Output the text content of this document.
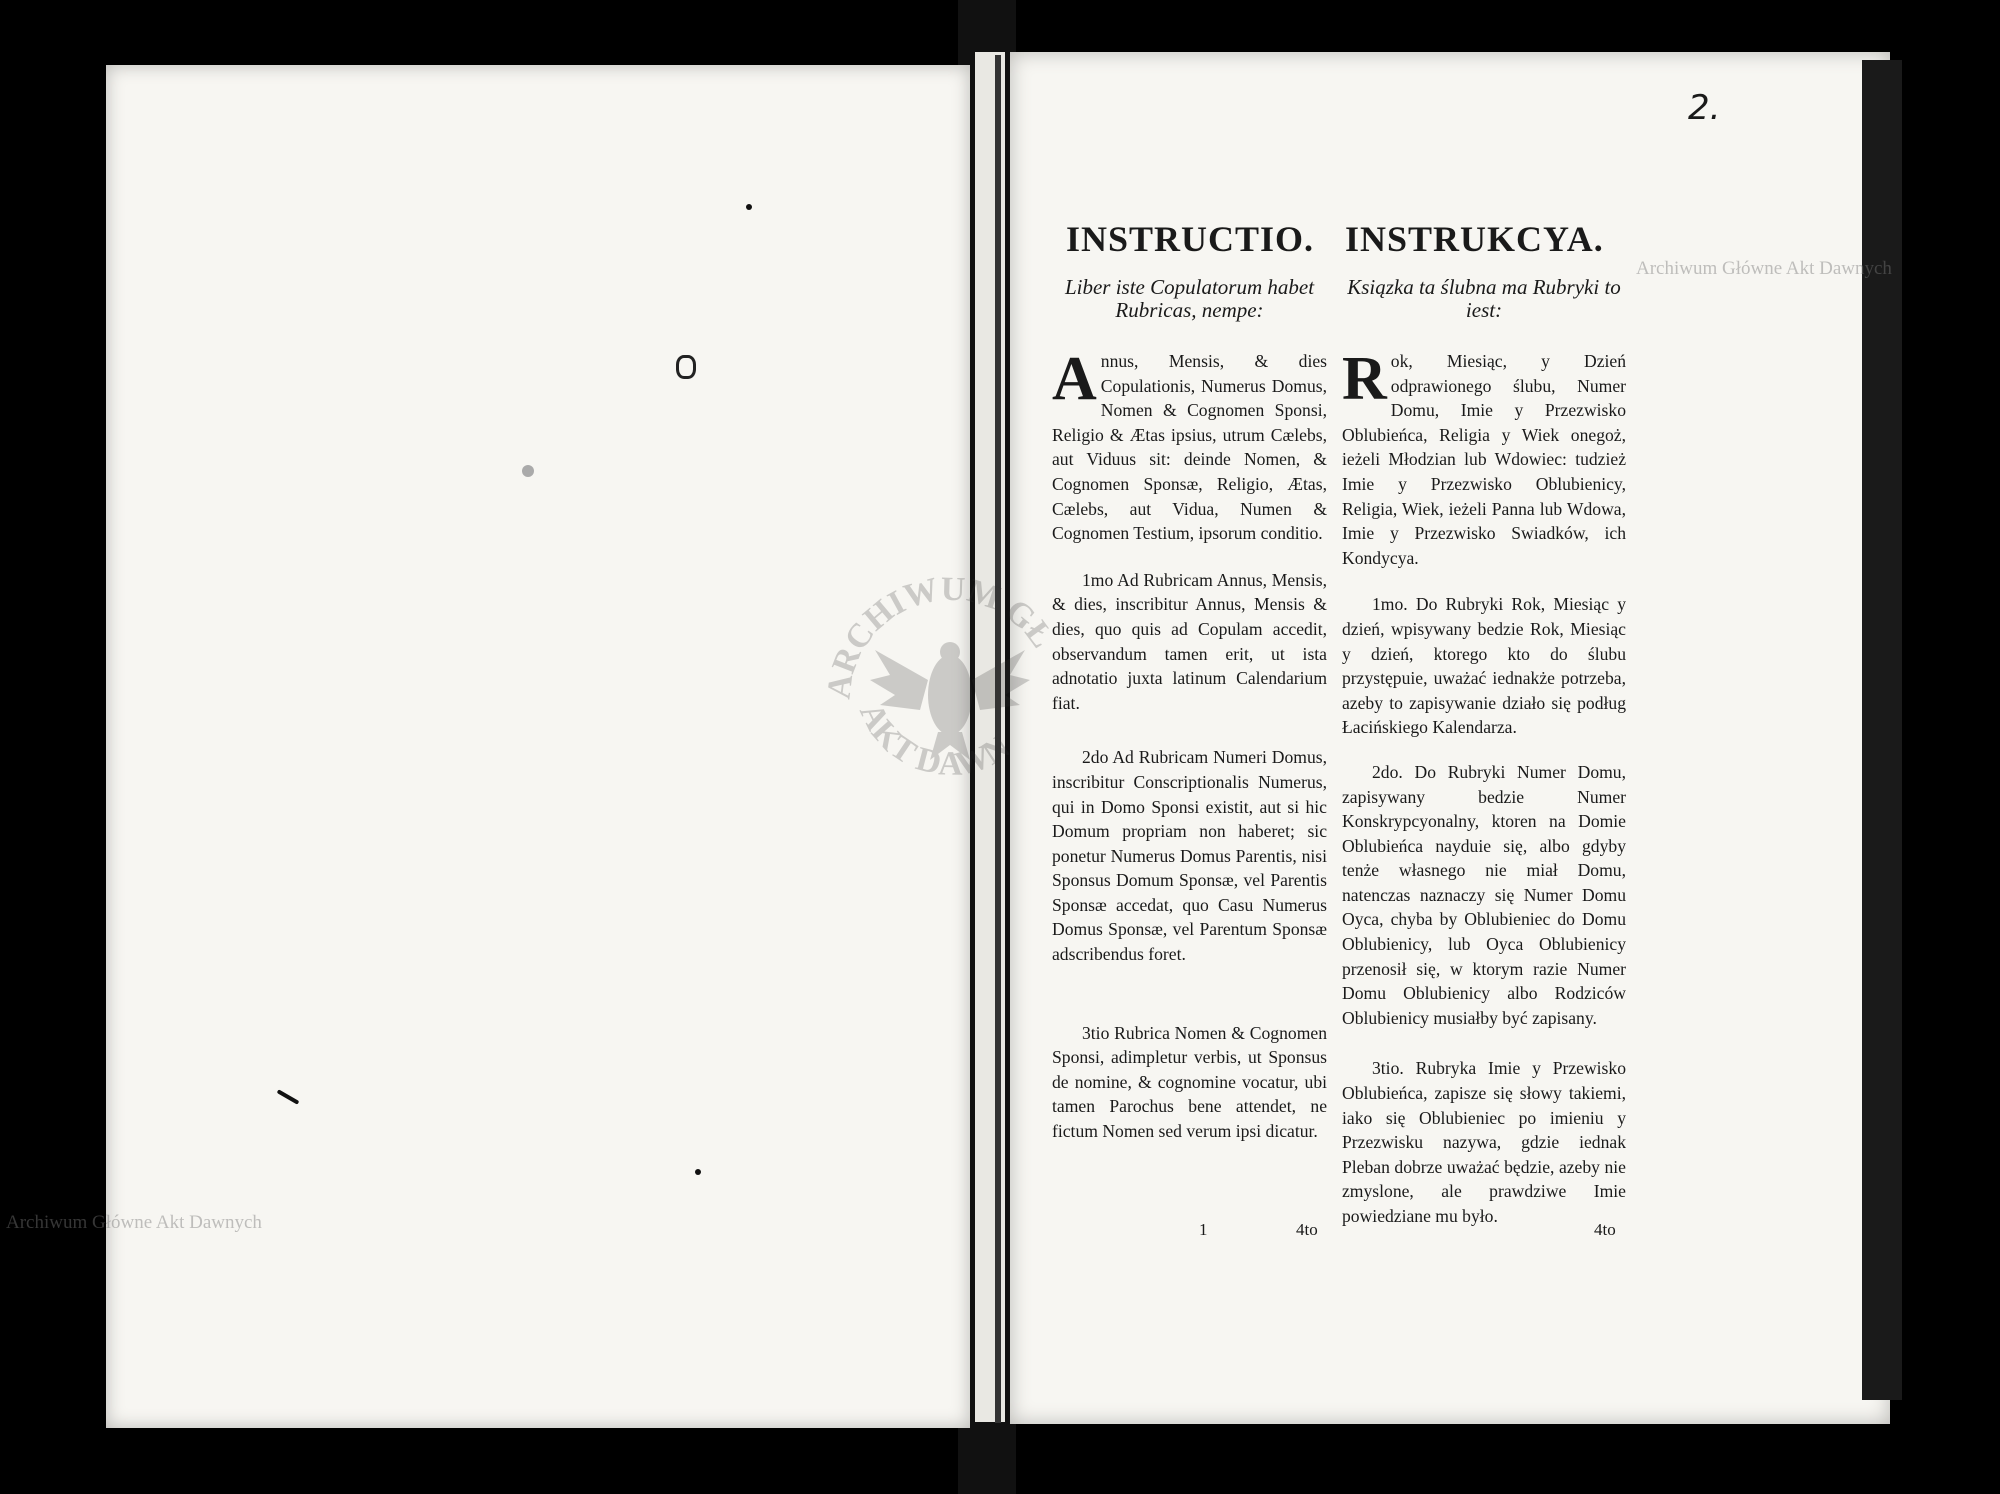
ARCHIWUM GŁ
AKT DAWN
2.
INSTRUCTIO. INSTRUKCYA.
Liber iste Copulatorum habet Rubricas, nempe:
Ksiązka ta ślubna ma Rubryki to iest:

Annus, Mensis, & dies Copulationis, Numerus Domus, Nomen & Cognomen Sponsi, Religio & Ætas ipsius, utrum Cælebs, aut Viduus sit: deinde Nomen, & Cognomen Sponsæ, Religio, Ætas, Cælebs, aut Vidua, Numen & Cognomen Testium, ipsorum conditio.

1mo Ad Rubricam Annus, Mensis, & dies, inscribitur Annus, Mensis & dies, quo quis ad Copulam accedit, observandum tamen erit, ut ista adnotatio juxta latinum Calendarium fiat.

2do Ad Rubricam Numeri Domus, inscribitur Conscriptionalis Numerus, qui in Domo Sponsi existit, aut si hic Domum propriam non haberet; sic ponetur Numerus Domus Parentis, nisi Sponsus Domum Sponsæ, vel Parentis Sponsæ accedat, quo Casu Numerus Domus Sponsæ, vel Parentum Sponsæ adscribendus foret.

3tio Rubrica Nomen & Cognomen Sponsi, adimpletur verbis, ut Sponsus de nomine, & cognomine vocatur, ubi tamen Parochus bene attendet, ne fictum Nomen sed verum ipsi dicatur.

Rok, Miesiąc, y Dzień odprawionego ślubu, Numer Domu, Imie y Przezwisko Oblubieńca, Religia y Wiek onegoż, ieżeli Młodzian lub Wdowiec: tudzież Imie y Przezwisko Oblubienicy, Religia, Wiek, ieżeli Panna lub Wdowa, Imie y Przezwisko Swiadków, ich Kondycya.

1mo. Do Rubryki Rok, Miesiąc y dzień, wpisywany bedzie Rok, Miesiąc y dzień, ktorego kto do ślubu przystępuie, uważać iednakże potrzeba, azeby to zapisywanie działo się podług Łacińskiego Kalendarza.

2do. Do Rubryki Numer Domu, zapisywany bedzie Numer Konskrypcyonalny, ktoren na Domie Oblubieńca nayduie się, albo gdyby tenże własnego nie miał Domu, natenczas naznaczy się Numer Domu Oyca, chyba by Oblubieniec do Domu Oblubienicy, lub Oyca Oblubienicy przenosił się, w ktorym razie Numer Domu Oblubienicy albo Rodziców Oblubienicy musiałby być zapisany.

3tio. Rubryka Imie y Przewisko Oblubieńca, zapisze się słowy takiemi, iako się Oblubieniec po imieniu y Przezwisku nazywa, gdzie iednak Pleban dobrze uważać będzie, azeby nie zmyslone, ale prawdziwe Imie powiedziane mu było.

1	4to	4to
Archiwum Główne Akt Dawnych
Archiwum Główne Akt Dawnych
